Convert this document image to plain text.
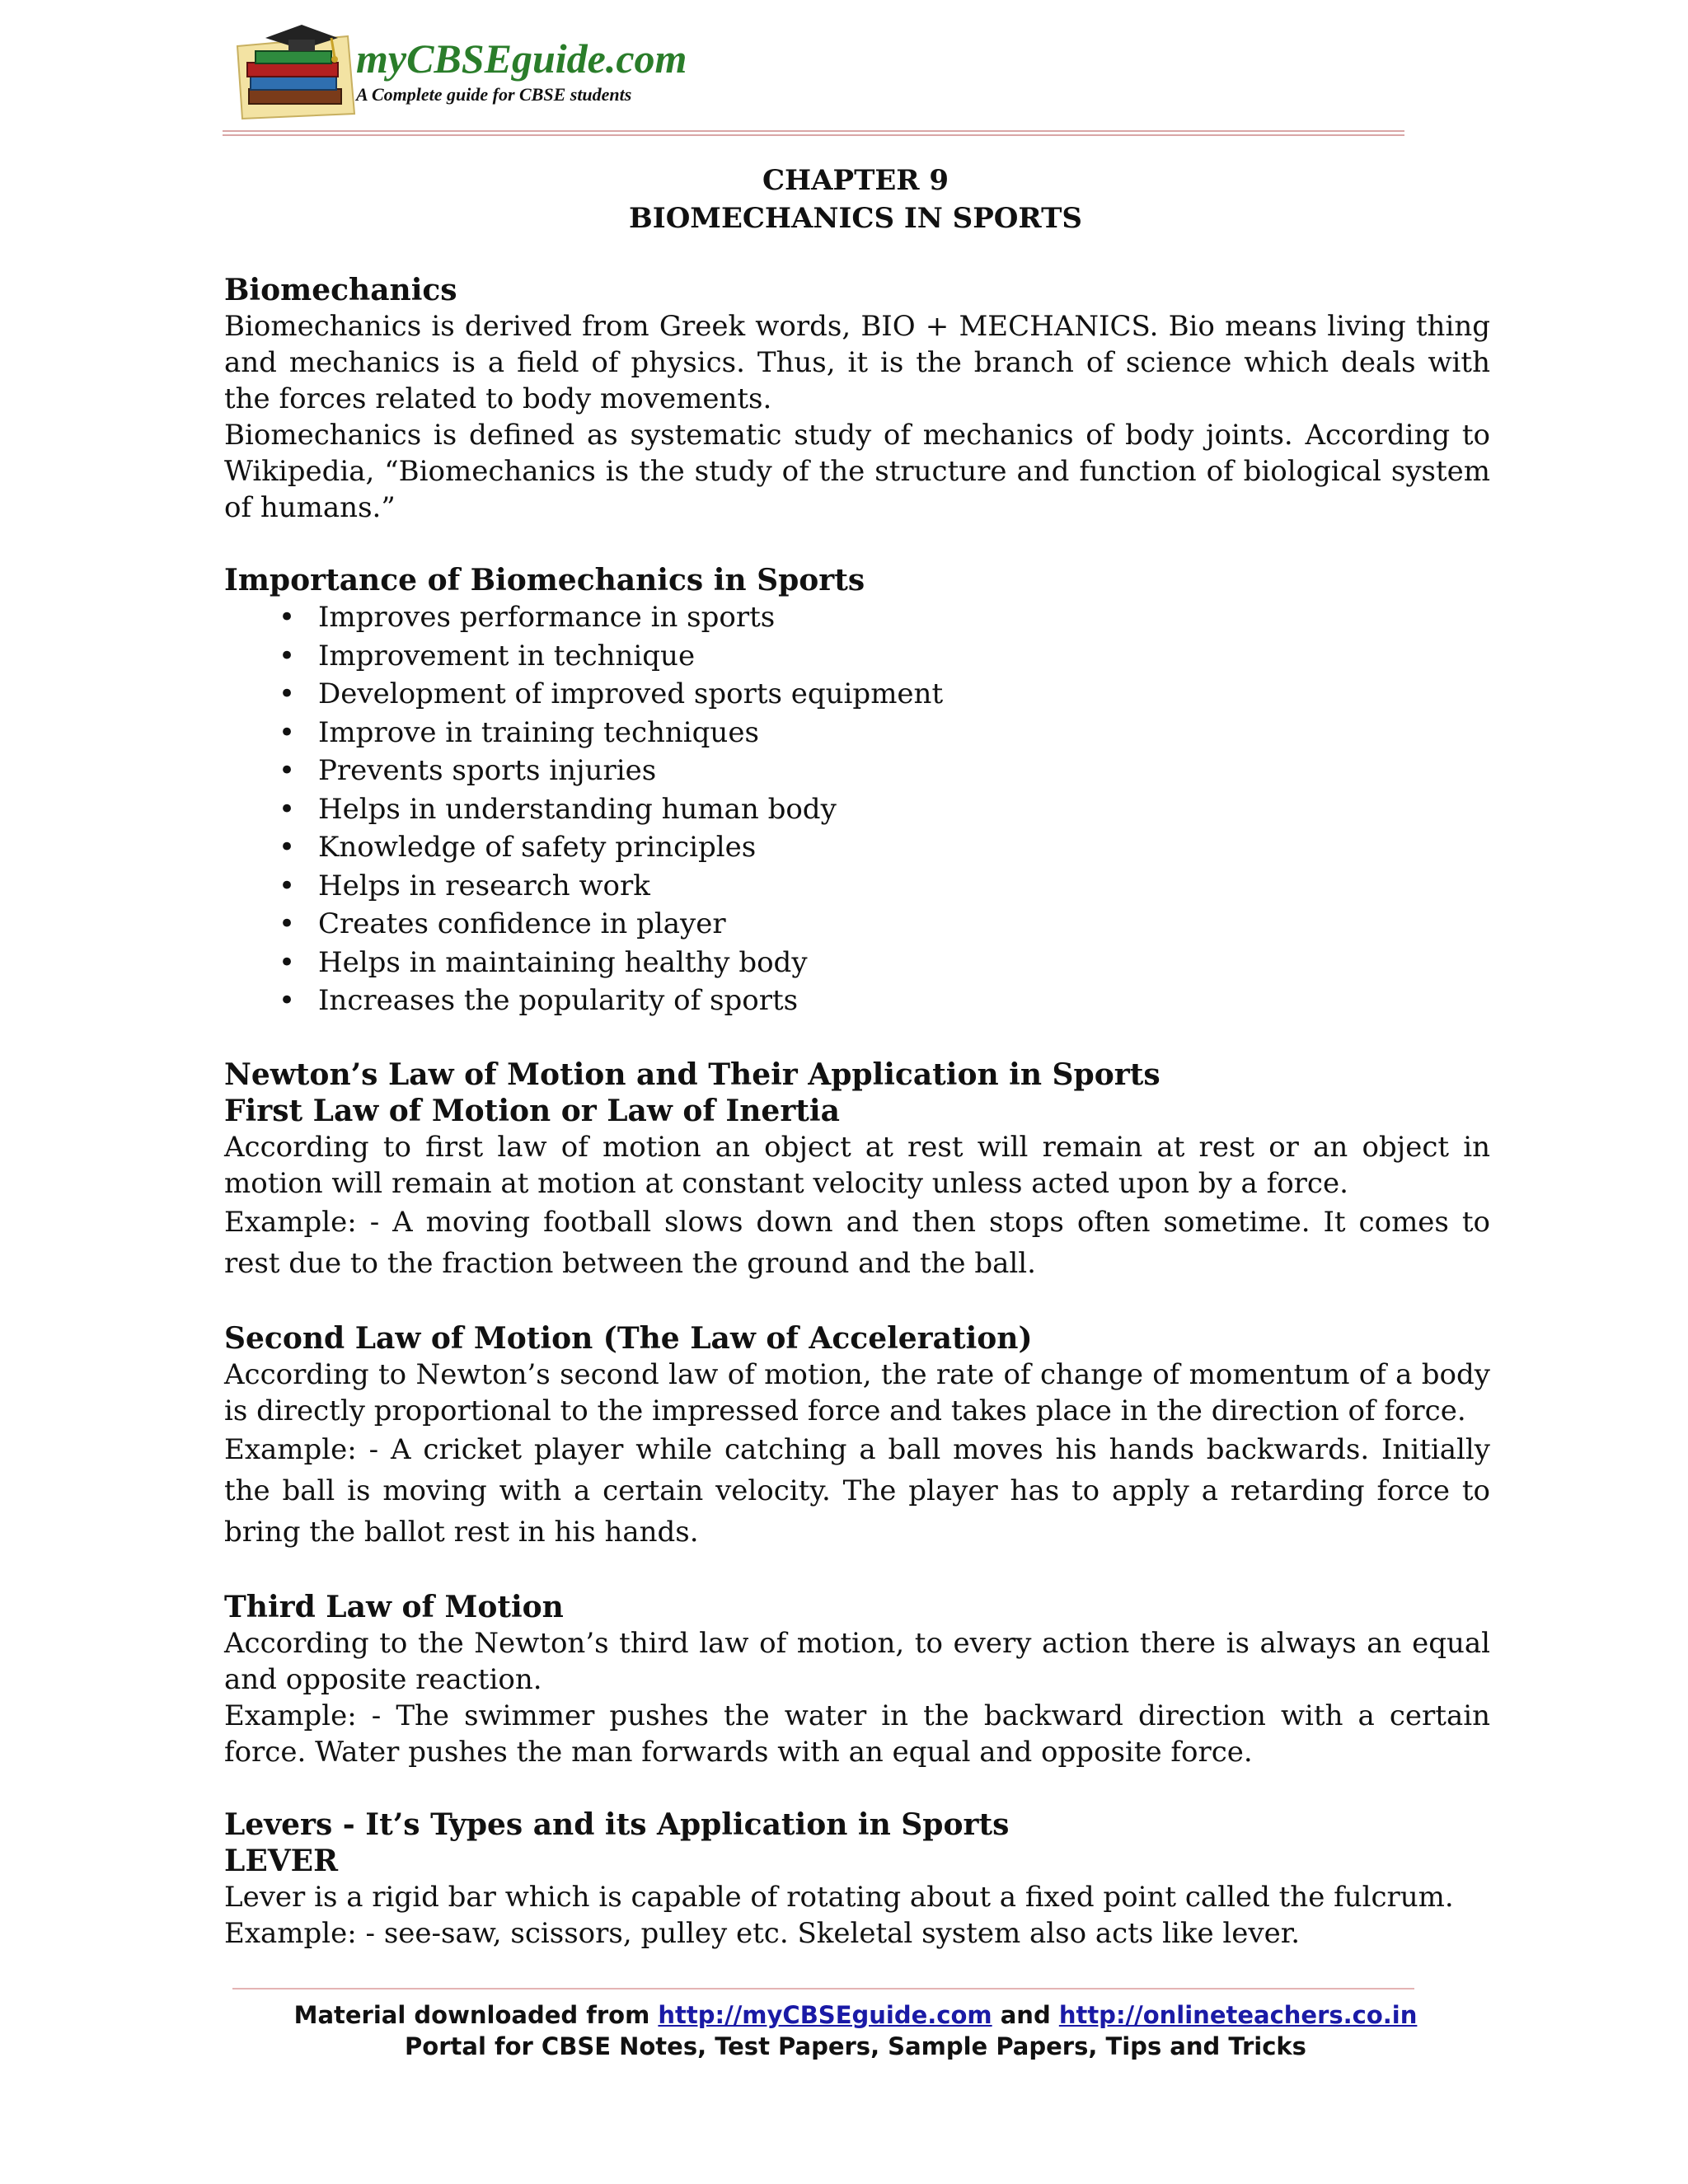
myCBSEguide.com
A Complete guide for CBSE students
CHAPTER 9
BIOMECHANICS IN SPORTS
Biomechanics

Biomechanics is derived from Greek words, BIO + MECHANICS. Bio means living thing and mechanics is a field of physics. Thus, it is the branch of science which deals with the forces related to body movements.

Biomechanics is defined as systematic study of mechanics of body joints. According to Wikipedia, “Biomechanics is the study of the structure and function of biological system of humans.”

Importance of Biomechanics in Sports
• Improves performance in sports
• Improvement in technique
• Development of improved sports equipment
• Improve in training techniques
• Prevents sports injuries
• Helps in understanding human body
• Knowledge of safety principles
• Helps in research work
• Creates confidence in player
• Helps in maintaining healthy body
• Increases the popularity of sports
Newton’s Law of Motion and Their Application in Sports
First Law of Motion or Law of Inertia

According to first law of motion an object at rest will remain at rest or an object in motion will remain at motion at constant velocity unless acted upon by a force.

Example: - A moving football slows down and then stops often sometime. It comes to rest due to the fraction between the ground and the ball.

Second Law of Motion (The Law of Acceleration)

According to Newton’s second law of motion, the rate of change of momentum of a body is directly proportional to the impressed force and takes place in the direction of force.

Example: - A cricket player while catching a ball moves his hands backwards. Initially the ball is moving with a certain velocity. The player has to apply a retarding force to bring the ballot rest in his hands.

Third Law of Motion

According to the Newton’s third law of motion, to every action there is always an equal and opposite reaction.

Example: - The swimmer pushes the water in the backward direction with a certain force. Water pushes the man forwards with an equal and opposite force.

Levers - It’s Types and its Application in Sports
LEVER

Lever is a rigid bar which is capable of rotating about a fixed point called the fulcrum.

Example: - see-saw, scissors, pulley etc. Skeletal system also acts like lever.

Material downloaded from http://myCBSEguide.com and http://onlineteachers.co.in
Portal for CBSE Notes, Test Papers, Sample Papers, Tips and Tricks
